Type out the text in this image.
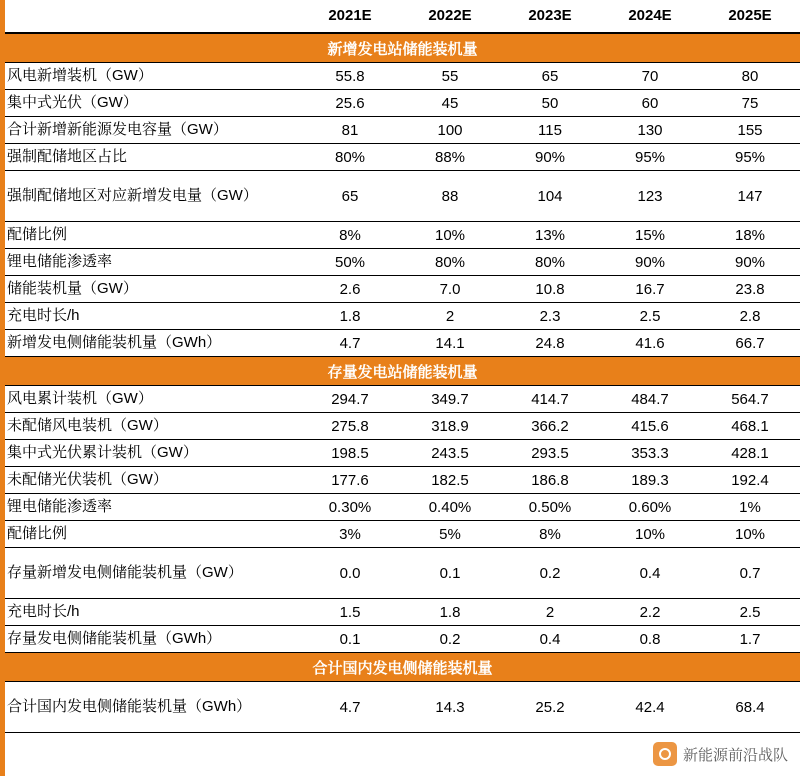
	2021E	2022E	2023E	2024E	2025E
新增发电站储能装机量					
风电新增装机（GW）	55.8	55	65	70	80
集中式光伏（GW）	25.6	45	50	60	75
合计新增新能源发电容量（GW）	81	100	115	130	155
强制配储地区占比	80%	88%	90%	95%	95%
强制配储地区对应新增发电量（GW）	65	88	104	123	147
配储比例	8%	10%	13%	15%	18%
锂电储能渗透率	50%	80%	80%	90%	90%
储能装机量（GW）	2.6	7.0	10.8	16.7	23.8
充电时长/h	1.8	2	2.3	2.5	2.8
新增发电侧储能装机量（GWh）	4.7	14.1	24.8	41.6	66.7
存量发电站储能装机量					
风电累计装机（GW）	294.7	349.7	414.7	484.7	564.7
未配储风电装机（GW）	275.8	318.9	366.2	415.6	468.1
集中式光伏累计装机（GW）	198.5	243.5	293.5	353.3	428.1
未配储光伏装机（GW）	177.6	182.5	186.8	189.3	192.4
锂电储能渗透率	0.30%	0.40%	0.50%	0.60%	1%
配储比例	3%	5%	8%	10%	10%
存量新增发电侧储能装机量（GW）	0.0	0.1	0.2	0.4	0.7
充电时长/h	1.5	1.8	2	2.2	2.5
存量发电侧储能装机量（GWh）	0.1	0.2	0.4	0.8	1.7
合计国内发电侧储能装机量					
合计国内发电侧储能装机量（GWh）	4.7	14.3	25.2	42.4	68.4
新能源前沿战队
